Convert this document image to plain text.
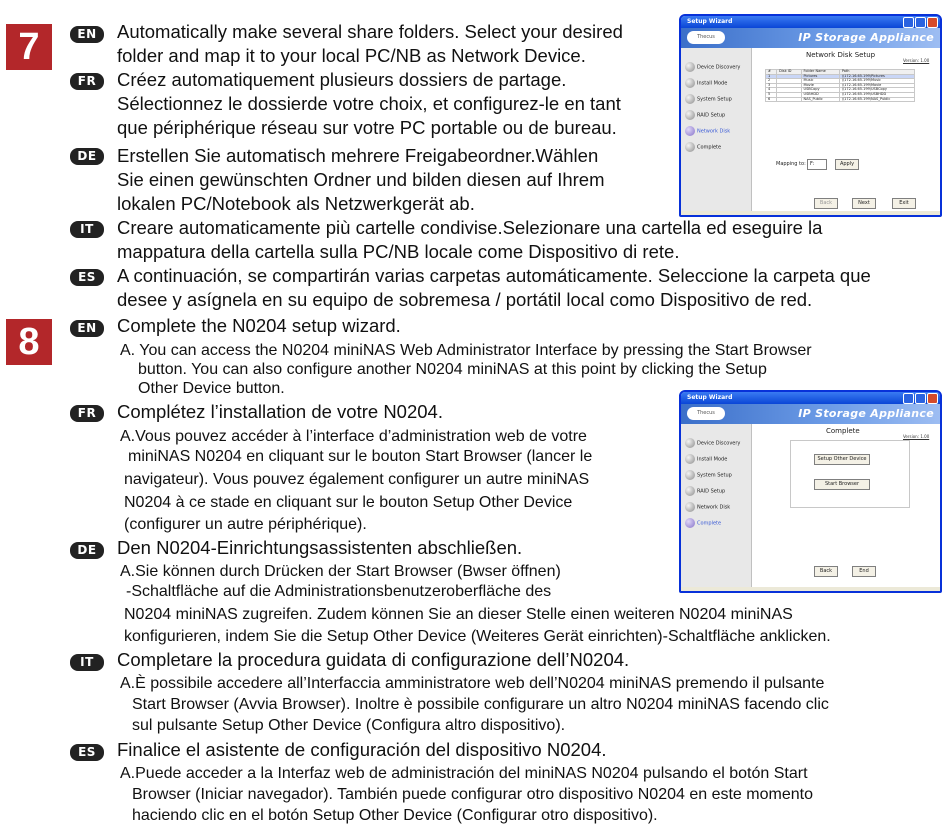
7	EN	Automatically make several share folders. Select your desired
folder and map it to your local PC/NB as Network Device.
FR	Créez automatiquement plusieurs dossiers de partage.
Sélectionnez le dossierde votre choix, et configurez-le en tant
que périphérique réseau sur votre PC portable ou de bureau.
DE	Erstellen Sie automatisch mehrere Freigabeordner.Wählen
Sie einen gewünschten Ordner und bilden diesen auf Ihrem
lokalen PC/Notebook als Netzwerkgerät ab.
IT	Creare automaticamente più cartelle condivise.Selezionare una cartella ed eseguire la
mappatura della cartella sulla PC/NB locale come Dispositivo di rete.
ES	A continuación, se compartirán varias carpetas automáticamente. Seleccione la carpeta que
desee y asígnela en su equipo de sobremesa / portátil local como Dispositivo de red.
8	EN	Complete the N0204 setup wizard.
A. You can access the N0204 miniNAS Web Administrator Interface by pressing the Start Browser
button. You can also configure another N0204 miniNAS at this point by clicking the Setup
Other Device button.
FR	Complétez l’installation de votre N0204.
A.Vous pouvez accéder à l’interface d’administration web de votre
miniNAS N0204 en cliquant sur le bouton Start Browser (lancer le
navigateur). Vous pouvez également configurer un autre miniNAS
N0204 à ce stade en cliquant sur le bouton Setup Other Device
(configurer un autre périphérique).
DE	Den N0204-Einrichtungsassistenten abschließen.
A.Sie können durch Drücken der Start Browser (Bwser öffnen)
-Schaltfläche auf die Administrationsbenutzeroberfläche des
N0204 miniNAS zugreifen. Zudem können Sie an dieser Stelle einen weiteren N0204 miniNAS
konfigurieren, indem Sie die Setup Other Device (Weiteres Gerät einrichten)-Schaltfläche anklicken.
IT	Completare la procedura guidata di configurazione dell’N0204.
A.È possibile accedere all’Interfaccia amministratore web dell’N0204 miniNAS premendo il pulsante
Start Browser (Avvia Browser). Inoltre è possibile configurare un altro N0204 miniNAS facendo clic
sul pulsante Setup Other Device (Configura altro dispositivo).
ES	Finalice el asistente de configuración del dispositivo N0204.
A.Puede acceder a la Interfaz web de administración del miniNAS N0204 pulsando el botón Start
Browser (Iniciar navegador). También puede configurar otro dispositivo N0204 en este momento
haciendo clic en el botón Setup Other Device (Configurar otro dispositivo).
Setup Wizard
Thecus	IP Storage Appliance
Device Discovery
Install Mode
System Setup
RAID Setup
Network Disk
Complete
Network Disk Setup
Version: 1.00
#	Disk ID	Folder Name	Path
1		Pictures	\\172.16.65.199\Pictures
2		Music	\\172.16.65.199\Music
3		Movie	\\172.16.65.199\Movie
4		USBCopy	\\172.16.65.199\USBCopy
5		USBHDD	\\172.16.65.199\USBHDD
6		NAS_Public	\\172.16.65.199\NAS_Public
Mapping to: F:	Apply
Back	Next	Exit
Setup Wizard
Thecus	IP Storage Appliance
Device Discovery
Install Mode
System Setup
RAID Setup
Network Disk
Complete
Complete
Version: 1.00
Setup Other Device
Start Browser
Back	End
